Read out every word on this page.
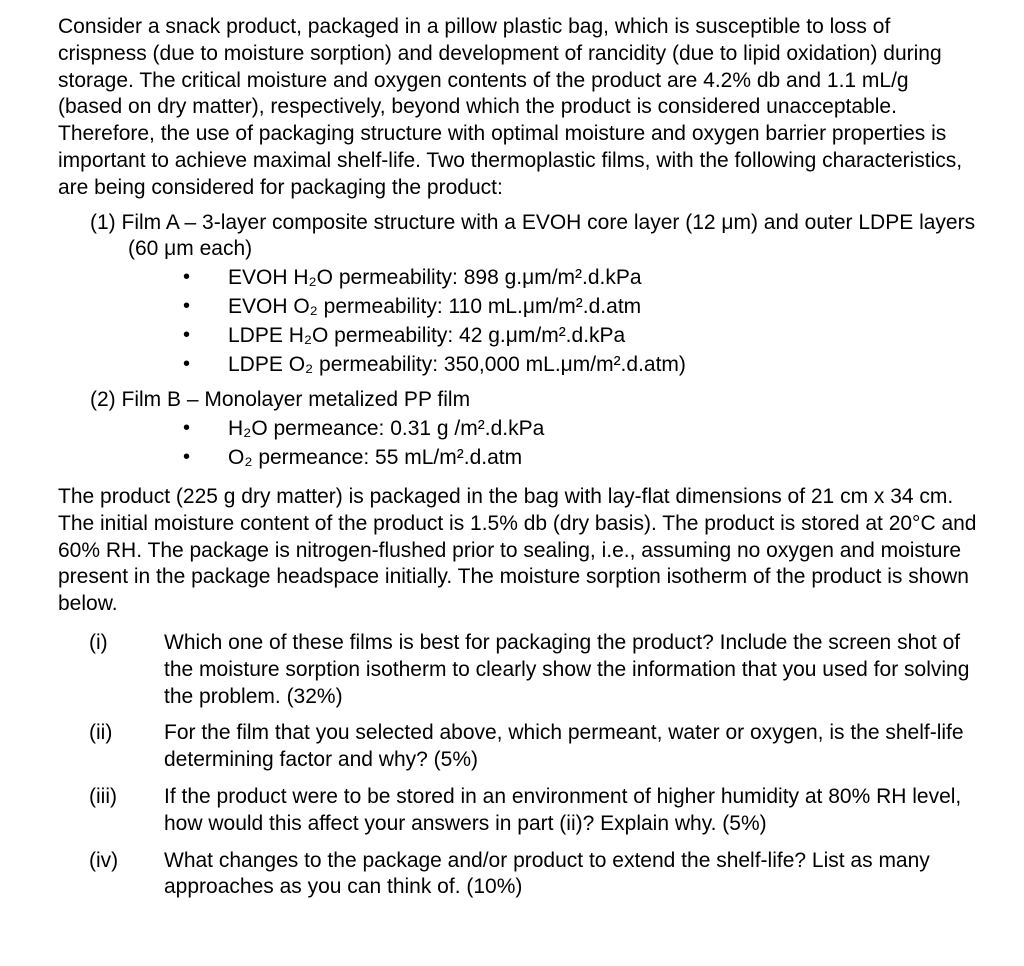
Consider a snack product, packaged in a pillow plastic bag, which is susceptible to loss of crispness (due to moisture sorption) and development of rancidity (due to lipid oxidation) during storage. The critical moisture and oxygen contents of the product are 4.2% db and 1.1 mL/g (based on dry matter), respectively, beyond which the product is considered unacceptable. Therefore, the use of packaging structure with optimal moisture and oxygen barrier properties is important to achieve maximal shelf-life. Two thermoplastic films, with the following characteristics, are being considered for packaging the product:

(1) Film A – 3-layer composite structure with a EVOH core layer (12 μm) and outer LDPE layers (60 μm each)

• EVOH H₂O permeability: 898 g.μm/m².d.kPa
• EVOH O₂ permeability: 110 mL.μm/m².d.atm
• LDPE H₂O permeability: 42 g.μm/m².d.kPa
• LDPE O₂ permeability: 350,000 mL.μm/m².d.atm)

(2) Film B – Monolayer metalized PP film

• H₂O permeance: 0.31 g /m².d.kPa
• O₂ permeance: 55 mL/m².d.atm

The product (225 g dry matter) is packaged in the bag with lay-flat dimensions of 21 cm x 34 cm. The initial moisture content of the product is 1.5% db (dry basis). The product is stored at 20°C and 60% RH. The package is nitrogen-flushed prior to sealing, i.e., assuming no oxygen and moisture present in the package headspace initially. The moisture sorption isotherm of the product is shown below.

(i)	Which one of these films is best for packaging the product? Include the screen shot of the moisture sorption isotherm to clearly show the information that you used for solving the problem. (32%)
(ii) For the film that you selected above, which permeant, water or oxygen, is the shelf-life determining factor and why? (5%)
(iii) If the product were to be stored in an environment of higher humidity at 80% RH level, how would this affect your answers in part (ii)? Explain why. (5%)
(iv) What changes to the package and/or product to extend the shelf-life? List as many approaches as you can think of. (10%)
